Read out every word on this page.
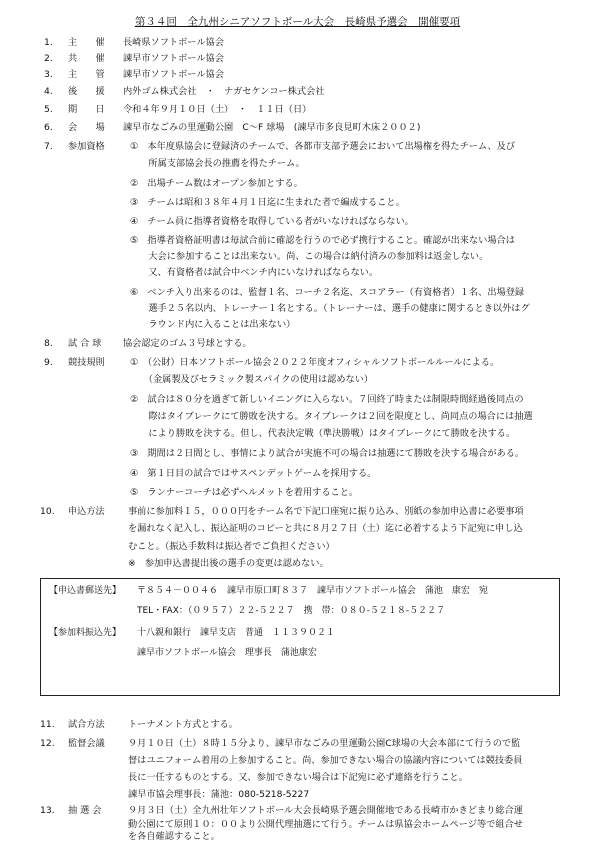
第３４回　全九州シニアソフトボール大会　長崎県予選会　開催要項
1. 主　　催 長崎県ソフトボール協会
2. 共　　催 諫早市ソフトボール協会
3. 主　　管 諫早市ソフトボール協会
4. 後　　援 内外ゴム株式会社　・　ナガセケンコー株式会社
5. 期　　日 令和４年９月１０日（土）　・　１１日（日）
6. 会　　場 諫早市なごみの里運動公園　C～F 球場　(諫早市多良見町木床２００２)
7. 参加資格	①　本年度県協会に登録済のチームで、各都市支部予選会において出場権を得たチーム、及び
　　所属支部協会長の推薦を得たチーム。
②　出場チーム数はオープン参加とする。
③　チームは昭和３８年４月１日迄に生まれた者で編成すること。
④　チーム員に指導者資格を取得している者がいなければならない。
⑤　指導者資格証明書は毎試合前に確認を行うので必ず携行すること。確認が出来ない場合は
　　大会に参加することは出来ない。尚、この場合は納付済みの参加料は返金しない。
　　又、有資格者は試合中ベンチ内にいなければならない。
⑥　ベンチ入り出来るのは、監督１名、コーチ２名迄、スコアラー（有資格者）１名、出場登録
　　選手２５名以内、トレーナー１名とする。（トレーナーは、選手の健康に関するとき以外はグ
　　ラウンド内に入ることは出来ない）
8. 試 合 球 協会認定のゴム３号球とする。
9. 競技規則	①　（公財）日本ソフトボール協会２０２２年度オフィシャルソフトボールルールによる。
　　（金属製及びセラミック製スパイクの使用は認めない）
②　試合は８０分を過ぎて新しいイニングに入らない。７回終了時または制限時間経過後同点の
　　際はタイブレークにて勝敗を決する。タイブレークは２回を限度とし、尚同点の場合には抽選
　　により勝敗を決する。但し、代表決定戦（準決勝戦）はタイブレークにて勝敗を決する。
③　期間は２日間とし、事情により試合が実施不可の場合は抽選にて勝敗を決する場合がある。
④　第１日目の試合ではサスペンデットゲームを採用する。
⑤　ランナーコーチは必ずヘルメットを着用すること。
10. 申込方法	事前に参加料１５，０００円をチーム名で下記口座宛に振り込み、別紙の参加申込書に必要事項
を漏れなく記入し、振込証明のコピーと共に８月２７日（土）迄に必着するよう下記宛に申し込
むこと。（振込手数料は振込者でご負担ください）
※　参加申込書提出後の選手の変更は認めない。
【申込書郵送先】 〒８５４－００４６　諫早市原口町８３７　諫早市ソフトボール協会　蒲池　康宏　宛
TEL・FAX：（０９５７）２２-５２２７　携　帯：０８０-５２１８-５２２７
【参加料振込先】 十八親和銀行　諫早支店　普通　１１３９０２１
諫早市ソフトボール協会　理事長　蒲池康宏
11. 試合方法	トーナメント方式とする。
12. 監督会議	９月１０日（土）８時１５分より、諫早市なごみの里運動公園C球場の大会本部にて行うので監
督はユニフォーム着用の上参加すること。尚、参加できない場合の協議内容については競技委員
長に一任するものとする。又、参加できない場合は下記宛に必ず連絡を行うこと。
諫早市協会理事長：蒲池：080-5218-5227
13. 抽 選 会	９月３日（土）全九州壮年ソフトボール大会長崎県予選会開催地である長崎市かきどまり総合運
動公園にて原則１０：００より公開代理抽選にて行う。チームは県協会ホームページ等で組合せ
を各自確認すること。
